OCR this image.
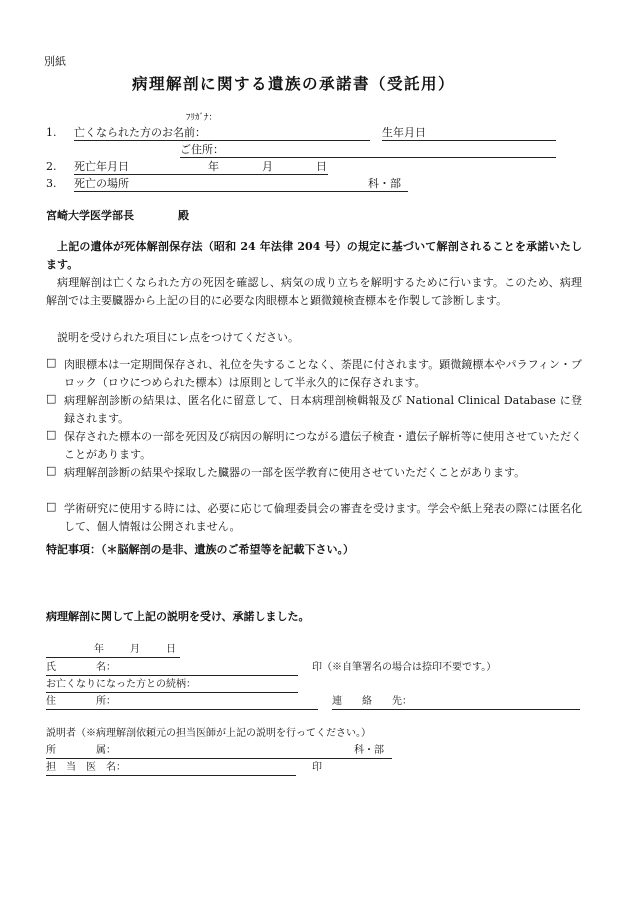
別紙
病理解剖に関する遺族の承諾書（受託用）
ﾌﾘｶﾞﾅ：
1. 亡くなられた方のお名前：	生年月日
ご住所：
2. 死亡年月日	年	月	日
3. 死亡の場所	科・部
宮崎大学医学部長	殿
上記の遺体が死体解剖保存法（昭和 24 年法律 204 号）の規定に基づいて解剖されることを承諾いたします。
病理解剖は亡くなられた方の死因を確認し、病気の成り立ちを解明するために行います。このため、病理解剖では主要臓器から上記の目的に必要な肉眼標本と顕微鏡検査標本を作製して診断します。
説明を受けられた項目にレ点をつけてください。
□ 肉眼標本は一定期間保存され、礼位を失することなく、荼毘に付されます。顕微鏡標本やパラフィン・ブロック（ロウにつめられた標本）は原則として半永久的に保存されます。
□ 病理解剖診断の結果は、匿名化に留意して、日本病理剖検輯報及び National Clinical Database に登録されます。
□ 保存された標本の一部を死因及び病因の解明につながる遺伝子検査・遺伝子解析等に使用させていただくことがあります。
□ 病理解剖診断の結果や採取した臓器の一部を医学教育に使用させていただくことがあります。
□ 学術研究に使用する時には、必要に応じて倫理委員会の審査を受けます。学会や紙上発表の際には匿名化して、個人情報は公開されません。
特記事項：（＊脳解剖の是非、遺族のご希望等を記載下さい。）
病理解剖に関して上記の説明を受け、承諾しました。
年	月	日
氏　　　　名：	印（※自筆署名の場合は捺印不要です。）
お亡くなりになった方との続柄：
住　　　　所：	連　　絡　　先：
説明者（※病理解剖依頼元の担当医師が上記の説明を行ってください。）
所　　　　属：	科・部
担　当　医　名：	印
